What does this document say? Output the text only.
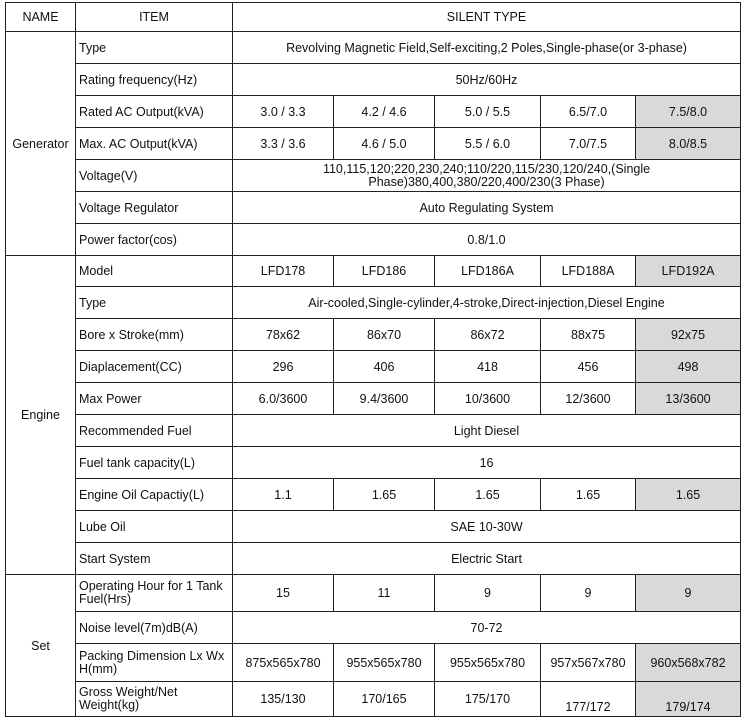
NAME	ITEM	SILENT TYPE				
Generator	Type	Revolving Magnetic Field,Self-exciting,2 Poles,Single-phase(or 3-phase)				
	Rating frequency(Hz)	50Hz/60Hz				
	Rated AC Output(kVA)	3.0 / 3.3	4.2 / 4.6	5.0 / 5.5	6.5/7.0	7.5/8.0
	Max. AC Output(kVA)	3.3 / 3.6	4.6 / 5.0	5.5 / 6.0	7.0/7.5	8.0/8.5
	Voltage(V)	110,115,120;220,230,240;110/220,115/230,120/240,(Single Phase)380,400,380/220,400/230(3 Phase)				
	Voltage Regulator	Auto Regulating System				
	Power factor(cos)	0.8/1.0				
Engine	Model	LFD178	LFD186	LFD186A	LFD188A	LFD192A
	Type	Air-cooled,Single-cylinder,4-stroke,Direct-injection,Diesel Engine				
	Bore x Stroke(mm)	78x62	86x70	86x72	88x75	92x75
	Diaplacement(CC)	296	406	418	456	498
	Max Power	6.0/3600	9.4/3600	10/3600	12/3600	13/3600
	Recommended Fuel	Light Diesel				
	Fuel tank capacity(L)	16				
	Engine Oil Capactiy(L)	1.1	1.65	1.65	1.65	1.65
	Lube Oil	SAE 10-30W				
	Start System	Electric Start				
Set	Operating Hour for 1 Tank Fuel(Hrs)	15	11	9	9	9
	Noise level(7m)dB(A)	70-72				
	Packing Dimension Lx Wx H(mm)	875x565x780	955x565x780	955x565x780	957x567x780	960x568x782
	Gross Weight/Net Weight(kg)	135/130	170/165	175/170	177/172	179/174
